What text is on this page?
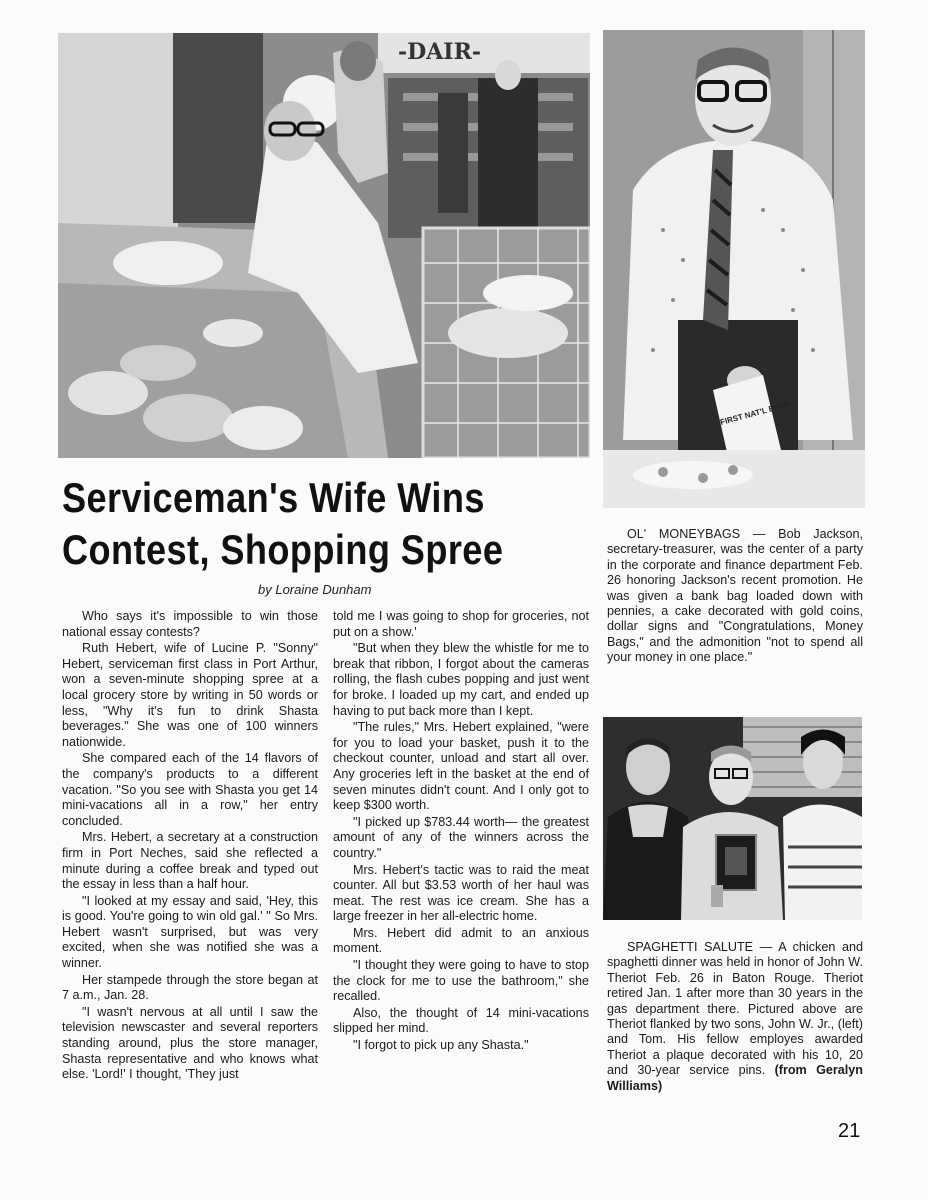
-DAIR-
FIRST NAT'L BANK
Serviceman's Wife Wins
Contest, Shopping Spree
by Loraine Dunham

Who says it's impossible to win those national essay contests?

Ruth Hebert, wife of Lucine P. "Sonny" Hebert, serviceman first class in Port Arthur, won a seven-minute shopping spree at a local grocery store by writing in 50 words or less, "Why it's fun to drink Shasta beverages." She was one of 100 winners nationwide.

She compared each of the 14 flavors of the company's products to a different vacation. "So you see with Shasta you get 14 mini-vacations all in a row," her entry concluded.

Mrs. Hebert, a secretary at a construction firm in Port Neches, said she reflected a minute during a coffee break and typed out the essay in less than a half hour.

"I looked at my essay and said, 'Hey, this is good. You're going to win old gal.' " So Mrs. Hebert wasn't surprised, but was very excited, when she was notified she was a winner.

Her stampede through the store began at 7 a.m., Jan. 28.

"I wasn't nervous at all until I saw the television newscaster and several reporters standing around, plus the store manager, Shasta representative and who knows what else. 'Lord!' I thought, 'They just

told me I was going to shop for groceries, not put on a show.'

"But when they blew the whistle for me to break that ribbon, I forgot about the cameras rolling, the flash cubes popping and just went for broke. I loaded up my cart, and ended up having to put back more than I kept.

"The rules," Mrs. Hebert explained, "were for you to load your basket, push it to the checkout counter, unload and start all over. Any groceries left in the basket at the end of seven minutes didn't count. And I only got to keep $300 worth.

"I picked up $783.44 worth— the greatest amount of any of the winners across the country."

Mrs. Hebert's tactic was to raid the meat counter. All but $3.53 worth of her haul was meat. The rest was ice cream. She has a large freezer in her all-electric home.

Mrs. Hebert did admit to an anxious moment.

"I thought they were going to have to stop the clock for me to use the bathroom," she recalled.

Also, the thought of 14 mini-vacations slipped her mind.

"I forgot to pick up any Shasta."

OL' MONEYBAGS — Bob Jackson, secretary-treasurer, was the center of a party in the corporate and finance department Feb. 26 honoring Jackson's recent promotion. He was given a bank bag loaded down with pennies, a cake decorated with gold coins, dollar signs and "Congratulations, Money Bags," and the admonition "not to spend all your money in one place."

SPAGHETTI SALUTE — A chicken and spaghetti dinner was held in honor of John W. Theriot Feb. 26 in Baton Rouge. Theriot retired Jan. 1 after more than 30 years in the gas department there. Pictured above are Theriot flanked by two sons, John W. Jr., (left) and Tom. His fellow employes awarded Theriot a plaque decorated with his 10, 20 and 30-year service pins. (from Geralyn Williams)

21
